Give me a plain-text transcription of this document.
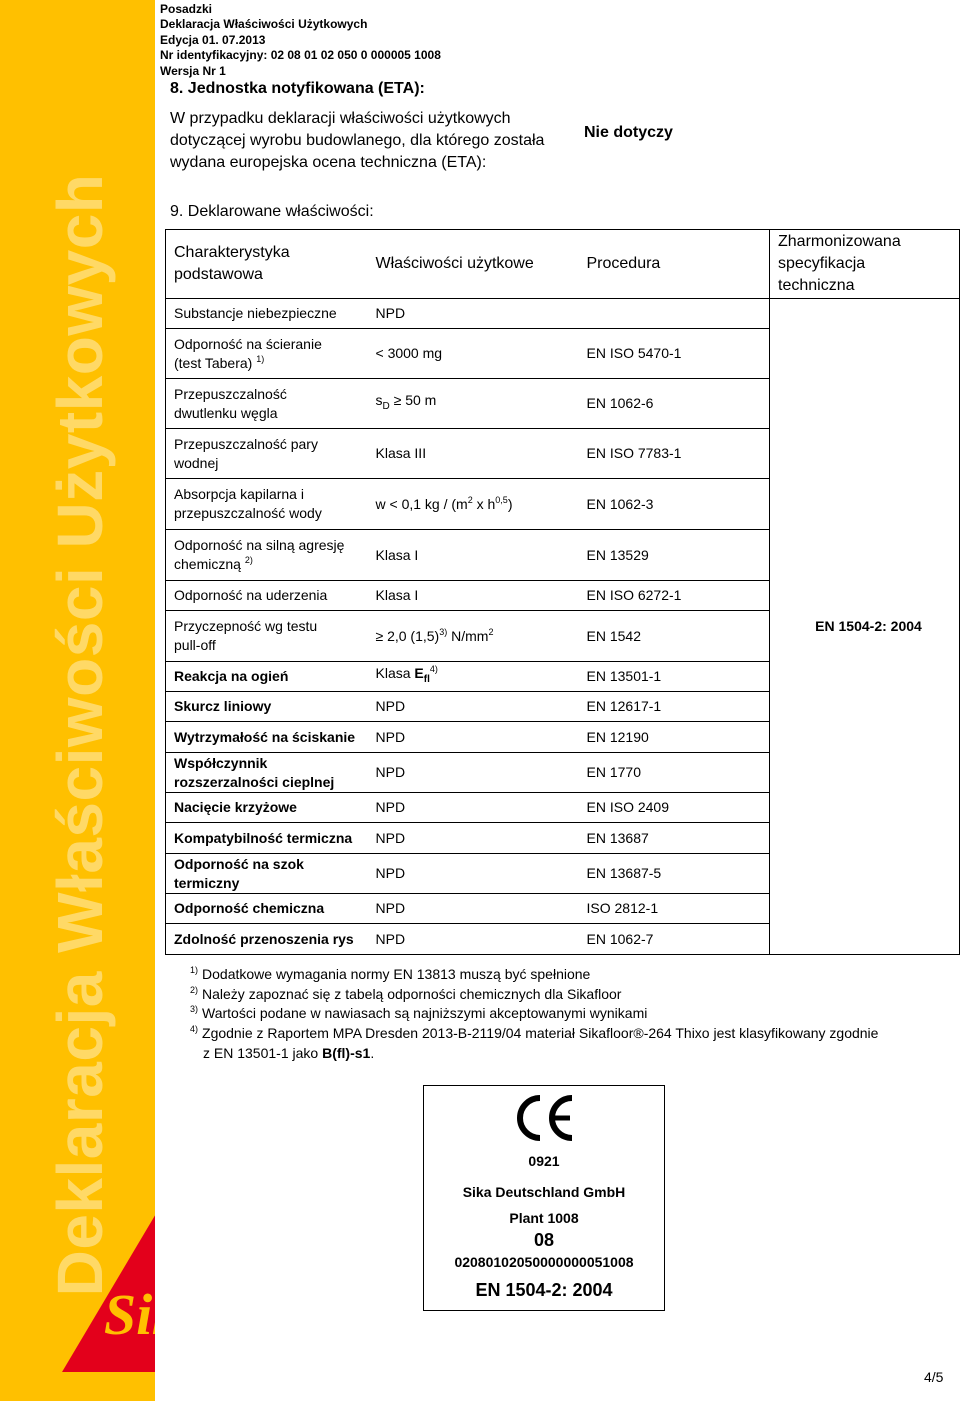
Deklaracja Właściwości Użytkowych
Sika ®
Posadzki
Deklaracja Właściwości Użytkowych
Edycja 01. 07.2013
Nr identyfikacyjny: 02 08 01 02 050 0 000005 1008
Wersja Nr 1
8. Jednostka notyfikowana (ETA):
W przypadku deklaracji właściwości użytkowych
dotyczącej wyrobu budowlanego, dla którego została
wydana europejska ocena techniczna (ETA):
Nie dotyczy
9. Deklarowane właściwości:
Charakterystyka
podstawowa	Właściwości użytkowe	Procedura	Zharmonizowana
specyfikacja
techniczna

Substancje niebezpieczne	NPD		EN 1504-2: 2004

Odporność na ścieranie
(test Tabera) $^{1)}$	< 3000 mg	EN ISO 5470-1	

Przepuszczalność
dwutlenku węgla	$s_D \ge 50$ m	EN 1062-6	

Przepuszczalność pary
wodnej	Klasa III	EN ISO 7783-1	

Absorpcja kapilarna i
przepuszczalność wody	w < 0,1 kg / ($m^2$ x $h^{0,5}$)	EN 1062-3	

Odporność na silną agresję
chemiczną $^{2)}$	Klasa I	EN 13529	

Odporność na uderzenia	Klasa I	EN ISO 6272-1	

Przyczepność wg testu
pull-off	≥ 2,0 $(1,5)^{3)}$ $N/mm^2$	EN 1542	

Reakcja na ogień	Klasa $E_{fl}^{4)}$	EN 13501-1	

Skurcz liniowy	NPD	EN 12617-1	

Wytrzymałość na ściskanie	NPD	EN 12190	

Współczynnik
rozszerzalności cieplnej	NPD	EN 1770	

Nacięcie krzyżowe	NPD	EN ISO 2409	

Kompatybilność termiczna	NPD	EN 13687	

Odporność na szok
termiczny	NPD	EN 13687-5	

Odporność chemiczna	NPD	ISO 2812-1	

Zdolność przenoszenia rys	NPD	EN 1062-7	
$^{1)}$ Dodatkowe wymagania normy EN 13813 muszą być spełnione
$^{2)}$ Należy zapoznać się z tabelą odporności chemicznych dla Sikafloor
$^{3)}$ Wartości podane w nawiasach są najniższymi akceptowanymi wynikami
$^{4)}$ Zgodnie z Raportem MPA Dresden 2013-B-2119/04 materiał Sikafloor®-264 Thixo jest klasyfikowany zgodnie
z EN 13501-1 jako B(fl)-s1.
0921
Sika Deutschland GmbH
Plant 1008
08
02080102050000000051008
EN 1504-2: 2004
4/5
